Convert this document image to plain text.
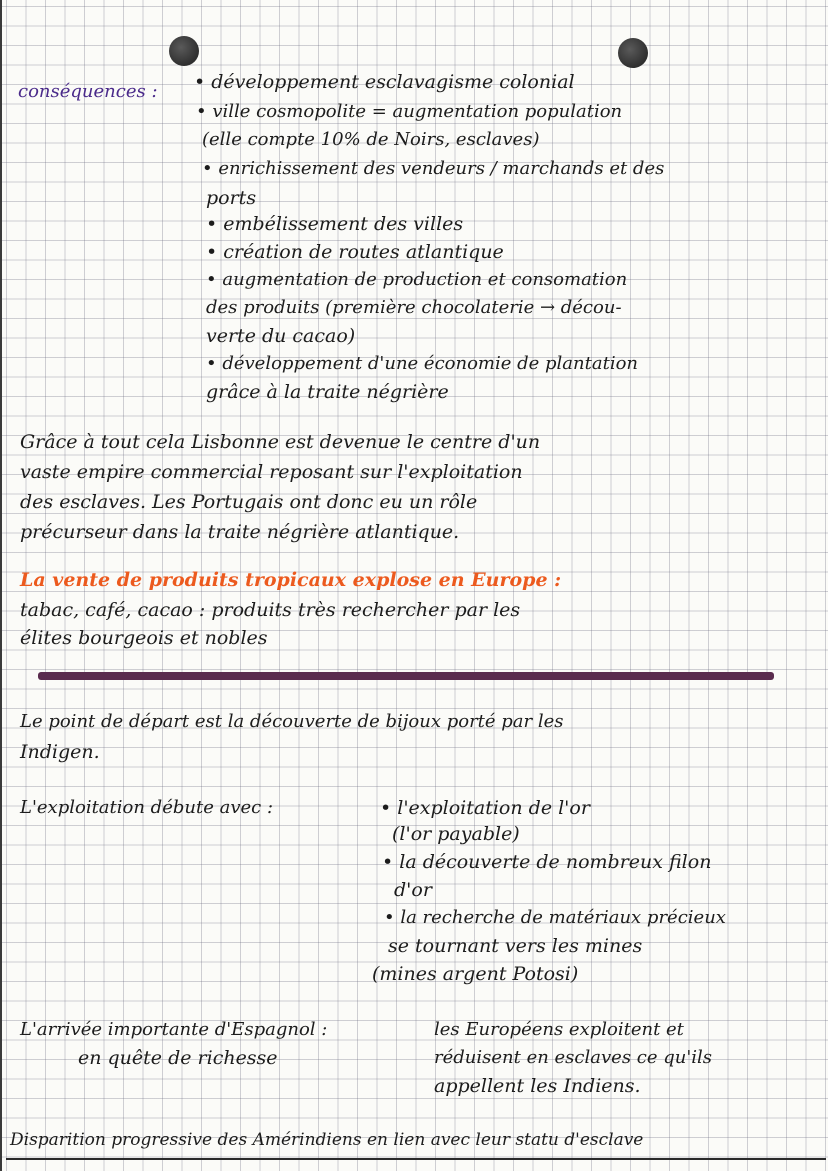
conséquences : • développement esclavagisme colonial
• ville cosmopolite = augmentation population
(elle compte 10% de Noirs, esclaves)
• enrichissement des vendeurs / marchands et des
ports
• embélissement des villes
• création de routes atlantique
• augmentation de production et consomation
des produits (première chocolaterie → décou-
verte du cacao)
• développement d'une économie de plantation
grâce à la traite négrière
Grâce à tout cela Lisbonne est devenue le centre d'un
vaste empire commercial reposant sur l'exploitation
des esclaves. Les Portugais ont donc eu un rôle
précurseur dans la traite négrière atlantique.
La vente de produits tropicaux explose en Europe :
tabac, café, cacao : produits très rechercher par les
élites bourgeois et nobles
Le point de départ est la découverte de bijoux porté par les
Indigen.
L'exploitation débute avec :	• l'exploitation de l'or
(l'or payable)
• la découverte de nombreux filon
d'or
• la recherche de matériaux précieux
se tournant vers les mines
(mines argent Potosi)
L'arrivée importante d'Espagnol :
en quête de richesse
les Européens exploitent et
réduisent en esclaves ce qu'ils
appellent les Indiens.
Disparition progressive des Amérindiens en lien avec leur statu d'esclave
